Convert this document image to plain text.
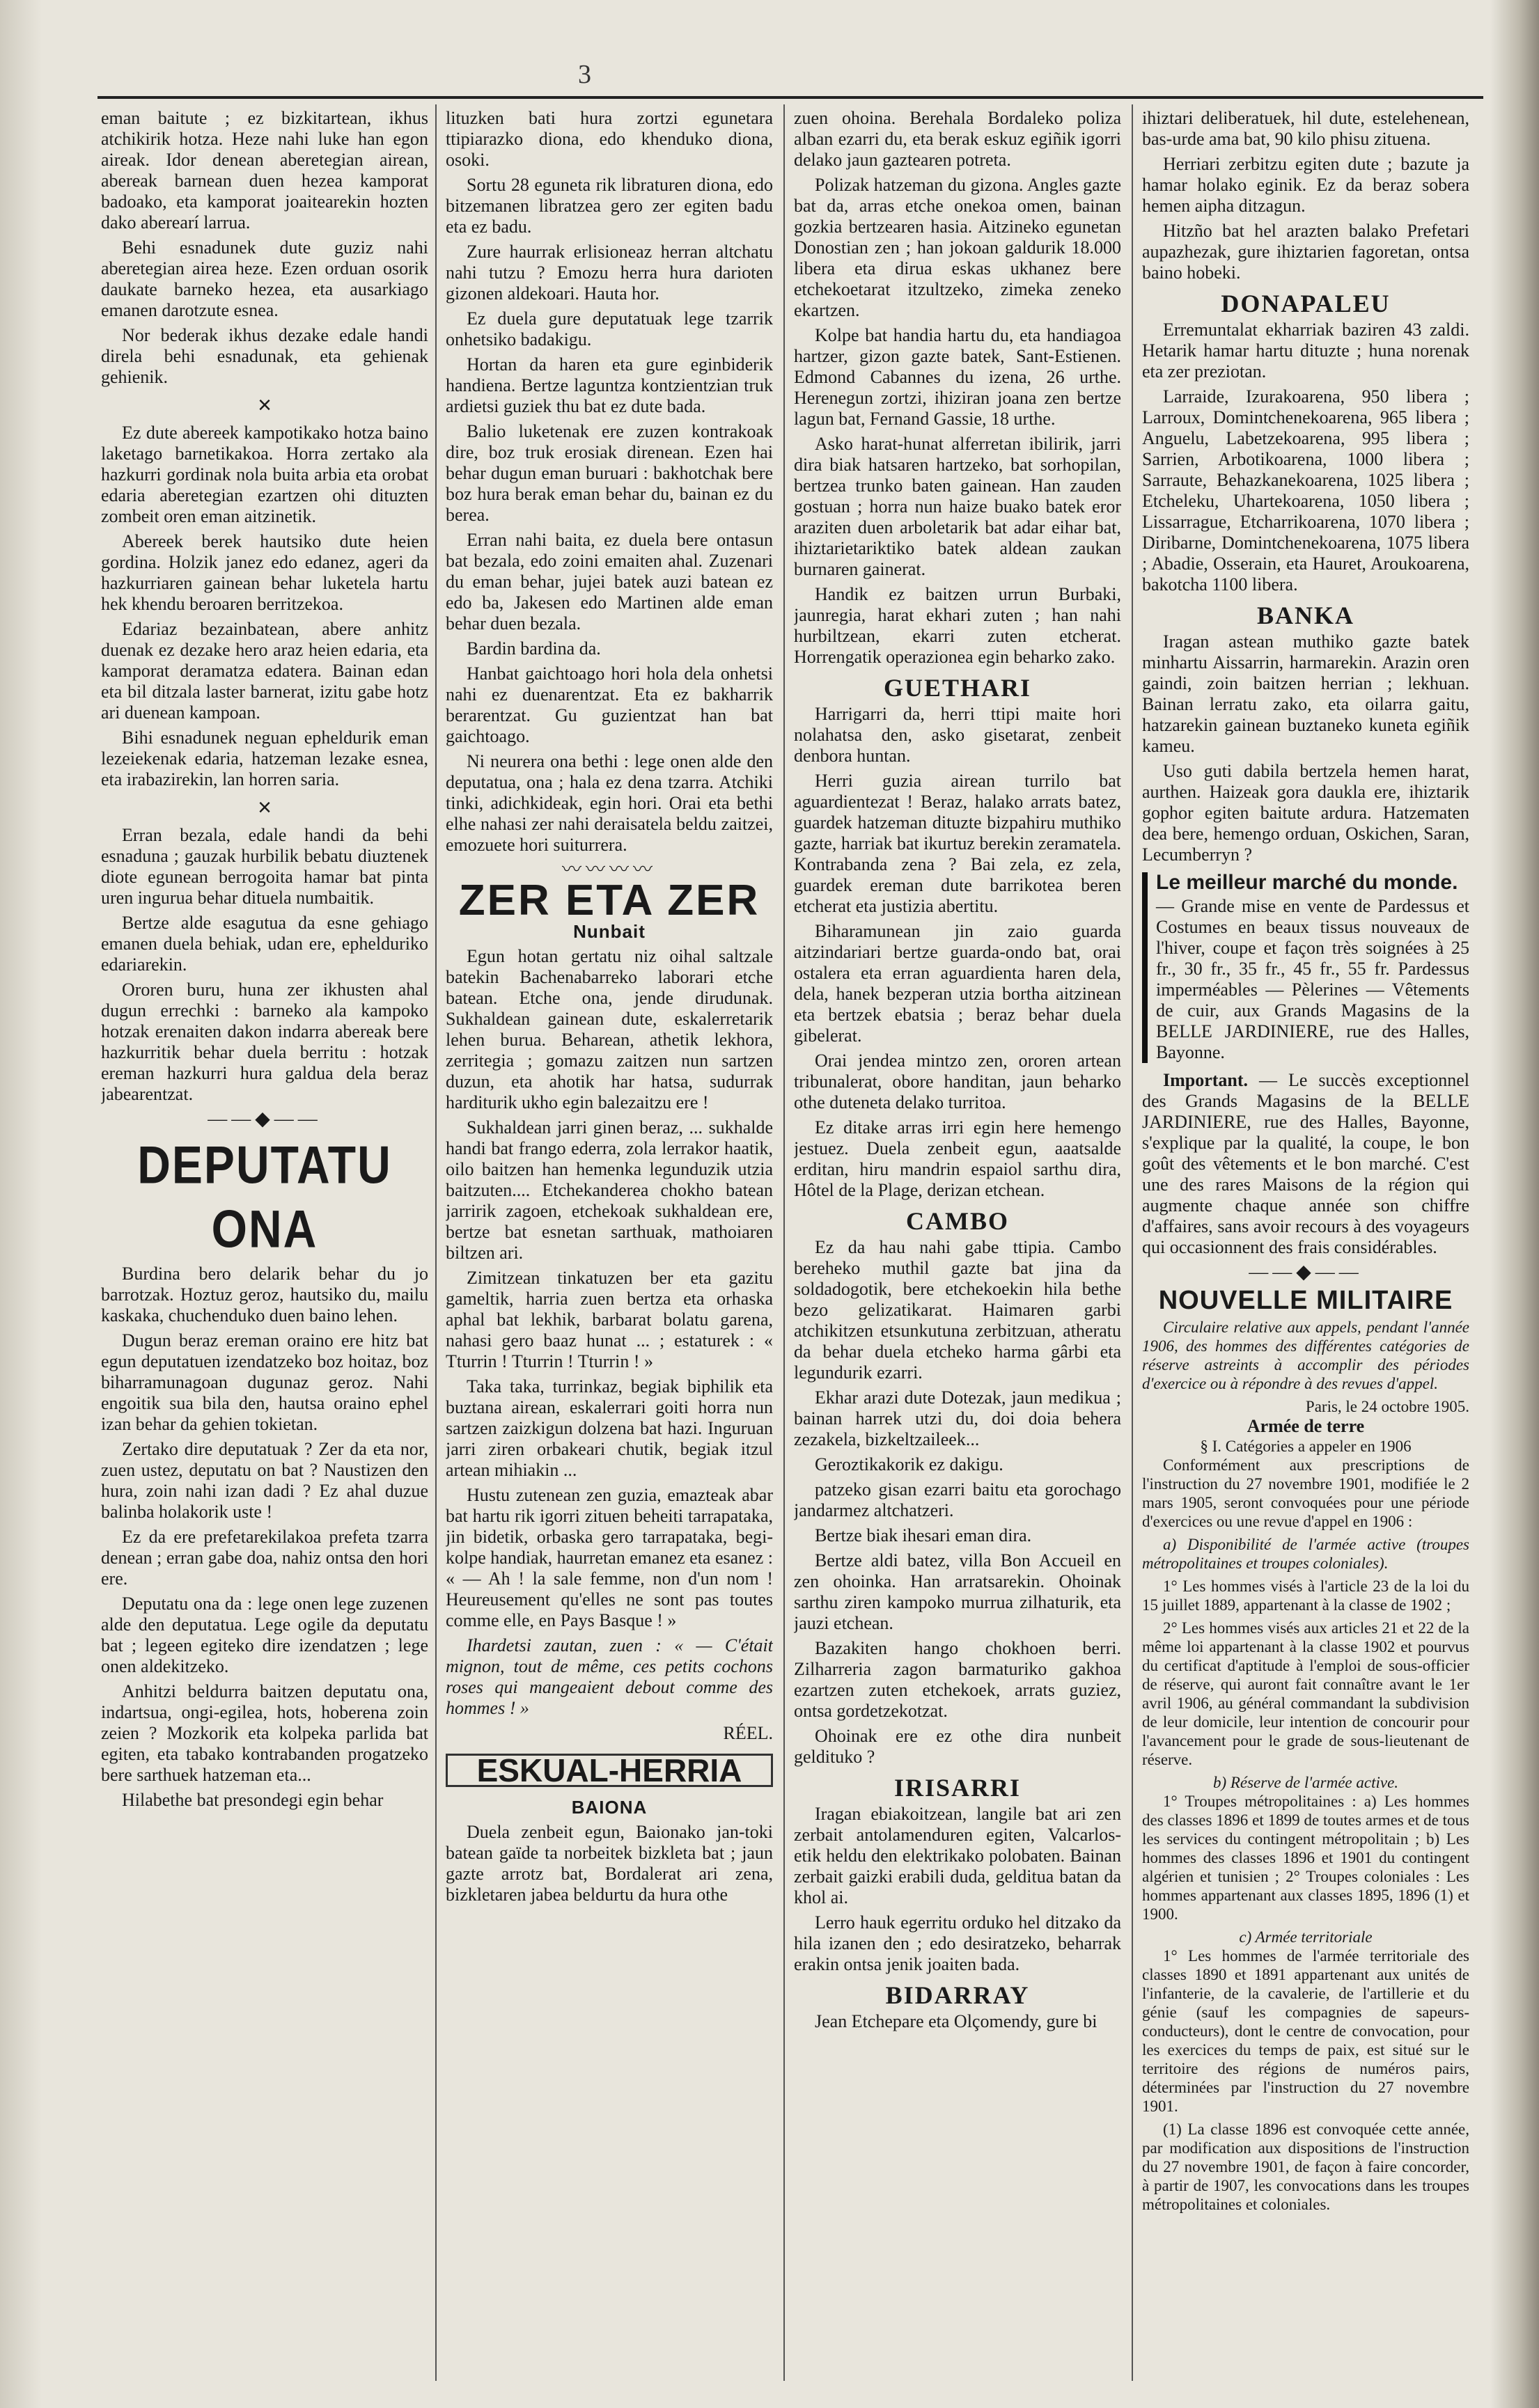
3

eman baitute ; ez bizkitartean, ikhus atchikirik hotza. Heze nahi luke han egon aireak. Idor denean aberetegian airean, abereak barnean duen hezea kamporat badoako, eta kamporat joaitearekin hozten dako aberearí larrua.

Behi esnadunek dute guziz nahi aberetegian airea heze. Ezen orduan osorik daukate barneko hezea, eta ausarkiago emanen darotzute esnea.

Nor bederak ikhus dezake edale handi direla behi esnadunak, eta gehienak gehienik.

×

Ez dute abereek kampotikako hotza baino laketago barnetikakoa. Horra zertako ala hazkurri gordinak nola buita arbia eta orobat edaria aberetegian ezartzen ohi dituzten zombeit oren eman aitzinetik.

Abereek berek hautsiko dute heien gordina. Holzik janez edo edanez, ageri da hazkurriaren gainean behar luketela hartu hek khendu beroaren berritzekoa.

Edariaz bezainbatean, abere anhitz duenak ez dezake hero araz heien edaria, eta kamporat deramatza edatera. Bainan edan eta bil ditzala laster barnerat, izitu gabe hotz ari duenean kampoan.

Bihi esnadunek neguan epheldurik eman lezeiekenak edaria, hatzeman lezake esnea, eta irabazirekin, lan horren saria.

×

Erran bezala, edale handi da behi esnaduna ; gauzak hurbilik bebatu diuztenek diote egunean berrogoita hamar bat pinta uren ingurua behar dituela numbaitik.

Bertze alde esagutua da esne gehiago emanen duela behiak, udan ere, ephelduriko edariarekin.

Ororen buru, huna zer ikhusten ahal dugun errechki : barneko ala kampoko hotzak erenaiten dakon indarra abereak bere hazkurritik behar duela berritu : hotzak ereman hazkurri hura galdua dela beraz jabearentzat.

——◆——
DEPUTATU ONA

Burdina bero delarik behar du jo barrotzak. Hoztuz geroz, hautsiko du, mailu kaskaka, chuchenduko duen baino lehen.

Dugun beraz ereman oraino ere hitz bat egun deputatuen izendatzeko boz hoitaz, boz biharramunagoan dugunaz geroz. Nahi engoitik sua bila den, hautsa oraino ephel izan behar da gehien tokietan.

Zertako dire deputatuak ? Zer da eta nor, zuen ustez, deputatu on bat ? Naustizen den hura, zoin nahi izan dadi ? Ez ahal duzue balinba holakorik uste !

Ez da ere prefetarekilakoa prefeta tzarra denean ; erran gabe doa, nahiz ontsa den hori ere.

Deputatu ona da : lege onen lege zuzenen alde den deputatua. Lege ogile da deputatu bat ; legeen egiteko dire izendatzen ; lege onen aldekitzeko.

Anhitzi beldurra baitzen deputatu ona, indartsua, ongi-egilea, hots, hoberena zoin zeien ? Mozkorik eta kolpeka parlida bat egiten, eta tabako kontrabanden progatzeko bere sarthuek hatzeman eta...

Hilabethe bat presondegi egin behar

lituzken bati hura zortzi egunetara ttipiarazko diona, edo khenduko diona, osoki.

Sortu 28 eguneta rik libraturen diona, edo bitzemanen libratzea gero zer egiten badu eta ez badu.

Zure haurrak erlisioneaz herran altchatu nahi tutzu ? Emozu herra hura darioten gizonen aldekoari. Hauta hor.

Ez duela gure deputatuak lege tzarrik onhetsiko badakigu.

Hortan da haren eta gure eginbiderik handiena. Bertze laguntza kontzientzian truk ardietsi guziek thu bat ez dute bada.

Balio luketenak ere zuzen kontrakoak dire, boz truk erosiak direnean. Ezen hai behar dugun eman buruari : bakhotchak bere boz hura berak eman behar du, bainan ez du berea.

Erran nahi baita, ez duela bere ontasun bat bezala, edo zoini emaiten ahal. Zuzenari du eman behar, jujei batek auzi batean ez edo ba, Jakesen edo Martinen alde eman behar duen bezala.

Bardin bardina da.

Hanbat gaichtoago hori hola dela onhetsi nahi ez duenarentzat. Eta ez bakharrik berarentzat. Gu guzientzat han bat gaichtoago.

Ni neurera ona bethi : lege onen alde den deputatua, ona ; hala ez dena tzarra. Atchiki tinki, adichkideak, egin hori. Orai eta bethi elhe nahasi zer nahi deraisatela beldu zaitzei, emozuete hori suiturrera.

〰〰〰〰
ZER ETA ZER
Nunbait

Egun hotan gertatu niz oihal saltzale batekin Bachenabarreko laborari etche batean. Etche ona, jende dirudunak. Sukhaldean gainean dute, eskalerretarik lehen burua. Beharean, athetik lekhora, zerritegia ; gomazu zaitzen nun sartzen duzun, eta ahotik har hatsa, sudurrak harditurik ukho egin balezaitzu ere !

Sukhaldean jarri ginen beraz, ... sukhalde handi bat frango ederra, zola lerrakor haatik, oilo baitzen han hemenka legunduzik utzia baitzuten.... Etchekanderea chokho batean jarririk zagoen, etchekoak sukhaldean ere, bertze bat esnetan sarthuak, mathoiaren biltzen ari.

Zimitzean tinkatuzen ber eta gazitu gameltik, harria zuen bertza eta orhaska aphal bat lekhik, barbarat bolatu garena, nahasi gero baaz hunat ... ; estaturek : « Tturrin ! Tturrin ! Tturrin ! »

Taka taka, turrinkaz, begiak biphilik eta buztana airean, eskalerrari goiti horra nun sartzen zaizkigun dolzena bat hazi. Inguruan jarri ziren orbakeari chutik, begiak itzul artean mihiakin ...

Hustu zutenean zen guzia, emazteak abar bat hartu rik igorri zituen beheiti tarrapataka, jin bidetik, orbaska gero tarrapataka, begi-kolpe handiak, haurretan emanez eta esanez : « — Ah ! la sale femme, non d'un nom ! Heureusement qu'elles ne sont pas toutes comme elle, en Pays Basque ! »

Ihardetsi zautan, zuen : « — C'était mignon, tout de même, ces petits cochons roses qui mangeaient debout comme des hommes ! »

RÉEL.
ESKUAL-HERRIA
BAIONA

Duela zenbeit egun, Baionako jan-toki batean gaïde ta norbeitek bizkleta bat ; jaun gazte arrotz bat, Bordalerat ari zena, bizkletaren jabea beldurtu da hura othe

zuen ohoina. Berehala Bordaleko poliza alban ezarri du, eta berak eskuz egiñik igorri delako jaun gaztearen potreta.

Polizak hatzeman du gizona. Angles gazte bat da, arras etche onekoa omen, bainan gozkia bertzearen hasia. Aitzineko egunetan Donostian zen ; han jokoan galdurik 18.000 libera eta dirua eskas ukhanez bere etchekoetarat itzultzeko, zimeka zeneko ekartzen.

Kolpe bat handia hartu du, eta handiagoa hartzer, gizon gazte batek, Sant-Estienen. Edmond Cabannes du izena, 26 urthe. Herenegun zortzi, ihiziran joana zen bertze lagun bat, Fernand Gassie, 18 urthe.

Asko harat-hunat alferretan ibilirik, jarri dira biak hatsaren hartzeko, bat sorhopilan, bertzea trunko baten gainean. Han zauden gostuan ; horra nun haize buako batek eror araziten duen arboletarik bat adar eihar bat, ihiztarietariktiko batek aldean zaukan burnaren gainerat.

Handik ez baitzen urrun Burbaki, jaunregia, harat ekhari zuten ; han nahi hurbiltzean, ekarri zuten etcherat. Horrengatik operazionea egin beharko zako.

GUETHARI

Harrigarri da, herri ttipi maite hori nolahatsa den, asko gisetarat, zenbeit denbora huntan.

Herri guzia airean turrilo bat aguardientezat ! Beraz, halako arrats batez, guardek hatzeman dituzte bizpahiru muthiko gazte, harriak bat ikurtuz berekin zeramatela. Kontrabanda zena ? Bai zela, ez zela, guardek ereman dute barrikotea beren etcherat eta justizia abertitu.

Biharamunean jin zaio guarda aitzindariari bertze guarda-ondo bat, orai ostalera eta erran aguardienta haren dela, dela, hanek bezperan utzia bortha aitzinean eta bertzek ebatsia ; beraz behar duela gibelerat.

Orai jendea mintzo zen, ororen artean tribunalerat, obore handitan, jaun beharko othe duteneta delako turritoa.

Ez ditake arras irri egin here hemengo jestuez. Duela zenbeit egun, aaatsalde erditan, hiru mandrin espaiol sarthu dira, Hôtel de la Plage, derizan etchean.

CAMBO

Ez da hau nahi gabe ttipia. Cambo bereheko muthil gazte bat jina da soldadogotik, bere etchekoekin hila bethe bezo gelizatikarat. Haimaren garbi atchikitzen etsunkutuna zerbitzuan, atheratu da behar duela etcheko harma gârbi eta legundurik ezarri.

Ekhar arazi dute Dotezak, jaun medikua ; bainan harrek utzi du, doi doia behera zezakela, bizkeltzaileek...

Geroztikakorik ez dakigu.

patzeko gisan ezarri baitu eta gorochago jandarmez altchatzeri.

Bertze biak ihesari eman dira.

Bertze aldi batez, villa Bon Accueil en zen ohoinka. Han arratsarekin. Ohoinak sarthu ziren kampoko murrua zilhaturik, eta jauzi etchean.

Bazakiten hango chokhoen berri. Zilharreria zagon barmaturiko gakhoa ezartzen zuten etchekoek, arrats guziez, ontsa gordetzekotzat.

Ohoinak ere ez othe dira nunbeit geldituko ?

IRISARRI

Iragan ebiakoitzean, langile bat ari zen zerbait antolamenduren egiten, Valcarlos-etik heldu den elektrikako polobaten. Bainan zerbait gaizki erabili duda, gelditua batan da khol ai.

Lerro hauk egerritu orduko hel ditzako da hila izanen den ; edo desiratzeko, beharrak erakin ontsa jenik joaiten bada.

BIDARRAY

Jean Etchepare eta Olçomendy, gure bi

ihiztari deliberatuek, hil dute, estelehenean, bas-urde ama bat, 90 kilo phisu zituena.

Herriari zerbitzu egiten dute ; bazute ja hamar holako eginik. Ez da beraz sobera hemen aipha ditzagun.

Hitzño bat hel arazten balako Prefetari aupazhezak, gure ihiztarien fagoretan, ontsa baino hobeki.

DONAPALEU

Erremuntalat ekharriak baziren 43 zaldi. Hetarik hamar hartu dituzte ; huna norenak eta zer preziotan.

Larraide, Izurakoarena, 950 libera ; Larroux, Domintchenekoarena, 965 libera ; Anguelu, Labetzekoarena, 995 libera ; Sarrien, Arbotikoarena, 1000 libera ; Sarraute, Behazkanekoarena, 1025 libera ; Etcheleku, Uhartekoarena, 1050 libera ; Lissarrague, Etcharrikoarena, 1070 libera ; Diribarne, Domintchenekoarena, 1075 libera ; Abadie, Osserain, eta Hauret, Aroukoarena, bakotcha 1100 libera.

BANKA

Iragan astean muthiko gazte batek minhartu Aissarrin, harmarekin. Arazin oren gaindi, zoin baitzen herrian ; lekhuan. Bainan lerratu zako, eta oilarra gaitu, hatzarekin gainean buztaneko kuneta egiñik kameu.

Uso guti dabila bertzela hemen harat, aurthen. Haizeak gora daukla ere, ihiztarik gophor egiten baitute ardura. Hatzematen dea bere, hemengo orduan, Oskichen, Saran, Lecumberryn ?

Le meilleur marché du monde.
— Grande mise en vente de Pardessus et Costumes en beaux tissus nouveaux de l'hiver, coupe et façon très soignées à 25 fr., 30 fr., 35 fr., 45 fr., 55 fr. Pardessus imperméables — Pèlerines — Vêtements de cuir, aux Grands Magasins de la BELLE JARDINIERE, rue des Halles, Bayonne.

Important. — Le succès exceptionnel des Grands Magasins de la BELLE JARDINIERE, rue des Halles, Bayonne, s'explique par la qualité, la coupe, le bon goût des vêtements et le bon marché. C'est une des rares Maisons de la région qui augmente chaque année son chiffre d'affaires, sans avoir recours à des voyageurs qui occasionnent des frais considérables.

——◆——
NOUVELLE MILITAIRE

Circulaire relative aux appels, pendant l'année 1906, des hommes des différentes catégories de réserve astreints à accomplir des périodes d'exercice ou à répondre à des revues d'appel.

Paris, le 24 octobre 1905.
Armée de terre
§ I. Catégories a appeler en 1906

Conformément aux prescriptions de l'instruction du 27 novembre 1901, modifiée le 2 mars 1905, seront convoquées pour une période d'exercices ou une revue d'appel en 1906 :

a) Disponibilité de l'armée active (troupes métropolitaines et troupes coloniales).

1° Les hommes visés à l'article 23 de la loi du 15 juillet 1889, appartenant à la classe de 1902 ;

2° Les hommes visés aux articles 21 et 22 de la même loi appartenant à la classe 1902 et pourvus du certificat d'aptitude à l'emploi de sous-officier de réserve, qui auront fait connaître avant le 1er avril 1906, au général commandant la subdivision de leur domicile, leur intention de concourir pour l'avancement pour le grade de sous-lieutenant de réserve.

b) Réserve de l'armée active.

1° Troupes métropolitaines : a) Les hommes des classes 1896 et 1899 de toutes armes et de tous les services du contingent métropolitain ; b) Les hommes des classes 1896 et 1901 du contingent algérien et tunisien ; 2° Troupes coloniales : Les hommes appartenant aux classes 1895, 1896 (1) et 1900.

c) Armée territoriale

1° Les hommes de l'armée territoriale des classes 1890 et 1891 appartenant aux unités de l'infanterie, de la cavalerie, de l'artillerie et du génie (sauf les compagnies de sapeurs-conducteurs), dont le centre de convocation, pour les exercices du temps de paix, est situé sur le territoire des régions de numéros pairs, déterminées par l'instruction du 27 novembre 1901.

(1) La classe 1896 est convoquée cette année, par modification aux dispositions de l'instruction du 27 novembre 1901, de façon à faire concorder, à partir de 1907, les convocations dans les troupes métropolitaines et coloniales.
